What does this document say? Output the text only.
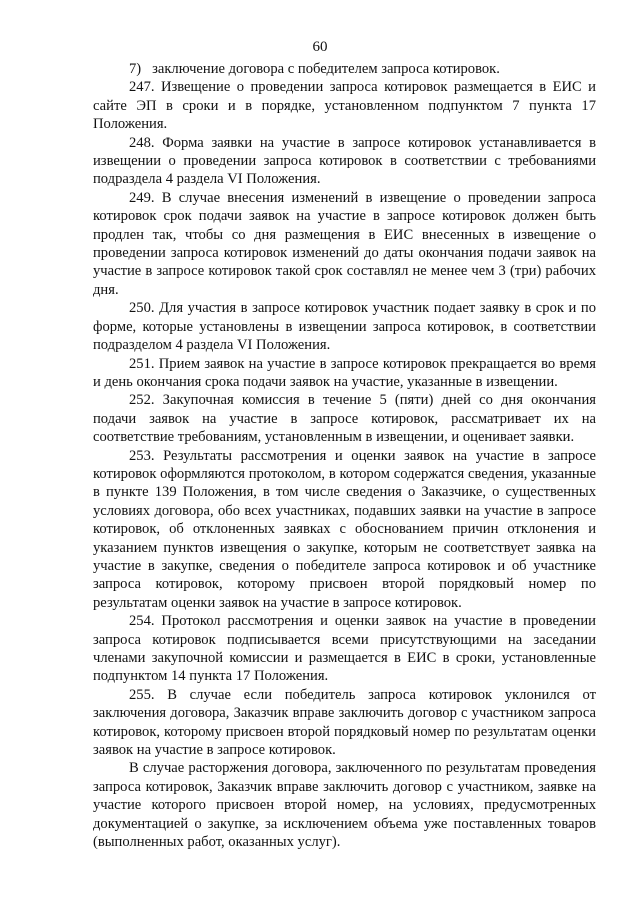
60

7)   заключение договора с победителем запроса котировок.

247. Извещение о проведении запроса котировок размещается в ЕИС и сайте ЭП в сроки и в порядке, установленном подпунктом 7 пункта 17 Положения.

248. Форма заявки на участие в запросе котировок устанавливается в извещении о проведении запроса котировок в соответствии с требованиями подраздела 4 раздела VI Положения.

249. В случае внесения изменений в извещение о проведении запроса котировок срок подачи заявок на участие в запросе котировок должен быть продлен так, чтобы со дня размещения в ЕИС внесенных в извещение о проведении запроса котировок изменений до даты окончания подачи заявок на участие в запросе котировок такой срок составлял не менее чем 3 (три) рабочих дня.

250. Для участия в запросе котировок участник подает заявку в срок и по форме, которые установлены в извещении запроса котировок, в соответствии подразделом 4 раздела VI Положения.

251. Прием заявок на участие в запросе котировок прекращается во время и день окончания срока подачи заявок на участие, указанные в извещении.

252. Закупочная комиссия в течение 5 (пяти) дней со дня окончания подачи заявок на участие в запросе котировок, рассматривает их на соответствие требованиям, установленным в извещении, и оценивает заявки.

253. Результаты рассмотрения и оценки заявок на участие в запросе котировок оформляются протоколом, в котором содержатся сведения, указанные в пункте 139 Положения, в том числе сведения о Заказчике, о существенных условиях договора, обо всех участниках, подавших заявки на участие в запросе котировок, об отклоненных заявках с обоснованием причин отклонения и указанием пунктов извещения о закупке, которым не соответствует заявка на участие в закупке, сведения о победителе запроса котировок и об участнике запроса котировок, которому присвоен второй порядковый номер по результатам оценки заявок на участие в запросе котировок.

254. Протокол рассмотрения и оценки заявок на участие в проведении запроса котировок подписывается всеми присутствующими на заседании членами закупочной комиссии и размещается в ЕИС в сроки, установленные подпунктом 14 пункта 17 Положения.

255. В случае если победитель запроса котировок уклонился от заключения договора, Заказчик вправе заключить договор с участником запроса котировок, которому присвоен второй порядковый номер по результатам оценки заявок на участие в запросе котировок.

В случае расторжения договора, заключенного по результатам проведения запроса котировок, Заказчик вправе заключить договор с участником, заявке на участие которого присвоен второй номер, на условиях, предусмотренных документацией о закупке, за исключением объема уже поставленных товаров (выполненных работ, оказанных услуг).
